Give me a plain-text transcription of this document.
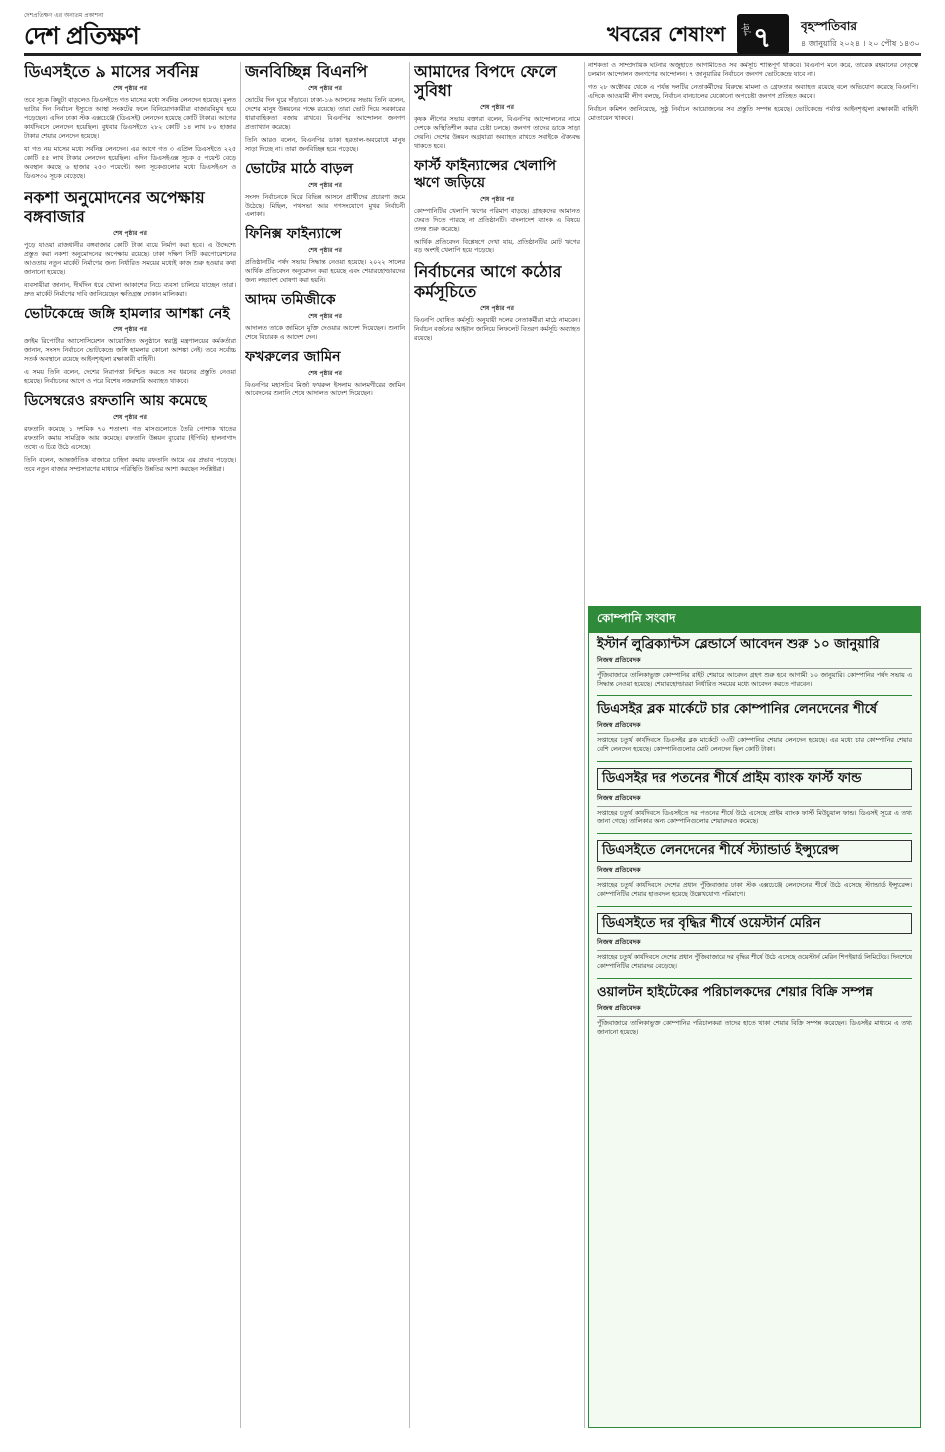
দেশপ্রতিক্ষণ এর অন্যতম প্রকাশনা
দেশ প্রতিক্ষণ	খবরের শেষাংশ পৃষ্ঠা ৭ বৃহস্পতিবার
৪ জানুয়ারি ২০২৪ । ২০ পৌষ ১৪৩০
ডিএসইতে ৯ মাসের সর্বনিম্ন
শেষ পৃষ্ঠার পর

তবে সূচক কিছুটা বাড়লেও ডিএসইতে গত মাসের মধ্যে সর্বনিম্ন লেনদেন হয়েছে। মূলত ভাটার দিন নির্বাচন ইস্যুতে আস্থা সংকটের ফলে বিনিয়োগকারীরা বাজারবিমুখ হয়ে পড়েছেন। এদিন ঢাকা স্টক এক্সচেঞ্জে (ডিএসই) লেনদেন হয়েছে কোটি টাকার। আগের কার্যদিবসে লেনদেন হয়েছিল। বুধবার ডিএসইতে ২৮২ কোটি ১৪ লাখ ৮০ হাজার টাকার শেয়ার লেনদেন হয়েছে।

যা গত নয় মাসের মধ্যে সর্বনিম্ন লেনদেন। এর আগে গত ৩ এপ্রিল ডিএসইতে ২২৫ কোটি ৫৫ লাখ টাকার লেনদেন হয়েছিল। এদিন ডিএসইএক্স সূচক ৫ পয়েন্ট বেড়ে অবস্থান করছে ৬ হাজার ২৫৩ পয়েন্টে। অন্য সূচকগুলোর মধ্যে ডিএসইএস ও ডিএস৩০ সূচক বেড়েছে।

নকশা অনুমোদনের অপেক্ষায় বঙ্গবাজার
শেষ পৃষ্ঠার পর

পুড়ে যাওয়া রাজধানীর বঙ্গবাজার কোটি টাকা ব্যয়ে নির্মাণ করা হবে। এ উদ্দেশ্যে প্রস্তুত করা নকশা অনুমোদনের অপেক্ষায় রয়েছে। ঢাকা দক্ষিণ সিটি করপোরেশনের আওতায় নতুন মার্কেট নির্মাণের জন্য নির্ধারিত সময়ের মধ্যেই কাজ শুরু হওয়ার কথা জানানো হয়েছে।

ব্যবসায়ীরা জানান, দীর্ঘদিন ধরে খোলা আকাশের নিচে ব্যবসা চালিয়ে যাচ্ছেন তারা। দ্রুত মার্কেট নির্মাণের দাবি জানিয়েছেন ক্ষতিগ্রস্ত দোকান মালিকরা।

ভোটকেন্দ্রে জঙ্গি হামলার আশঙ্কা নেই
শেষ পৃষ্ঠার পর

ক্রাইম রিপোর্টার অ্যাসোসিয়েশন আয়োজিত অনুষ্ঠানে স্বরাষ্ট্র মন্ত্রণালয়ের কর্মকর্তারা জানান, সংসদ নির্বাচনে ভোটকেন্দ্রে জঙ্গি হামলার কোনো আশঙ্কা নেই। তবে সর্বোচ্চ সতর্ক অবস্থানে রয়েছে আইনশৃঙ্খলা রক্ষাকারী বাহিনী।

এ সময় তিনি বলেন, দেশের নিরাপত্তা নিশ্চিত করতে সব ধরনের প্রস্তুতি নেওয়া হয়েছে। নির্বাচনের আগে ও পরে বিশেষ নজরদারি অব্যাহত থাকবে।

ডিসেম্বরেও রফতানি আয় কমেছে
শেষ পৃষ্ঠার পর

রফতানি কমেছে ১ দশমিক ৭০ শতাংশ। গত মাসগুলোতে তৈরি পোশাক খাতের রফতানি কমায় সামগ্রিক আয় কমেছে। রফতানি উন্নয়ন ব্যুরোর (ইপিবি) হালনাগাদ তথ্যে এ চিত্র উঠে এসেছে।

তিনি বলেন, আন্তর্জাতিক বাজারে চাহিদা কমায় রফতানি আয়ে এর প্রভাব পড়েছে। তবে নতুন বাজার সম্প্রসারণের মাধ্যমে পরিস্থিতি উন্নতির আশা করছেন সংশ্লিষ্টরা।

জনবিচ্ছিন্ন বিএনপি
শেষ পৃষ্ঠার পর

ভোটের দিন ঘুরে দাঁড়াবে। ঢাকা-১৬ আসনের সভায় তিনি বলেন, দেশের মানুষ উন্নয়নের পক্ষে রয়েছে। তারা ভোট দিয়ে সরকারের ধারাবাহিকতা বজায় রাখবে। বিএনপির আন্দোলন জনগণ প্রত্যাখ্যান করেছে।

তিনি আরও বলেন, বিএনপির ডাকা হরতাল-অবরোধে মানুষ সাড়া দিচ্ছে না। তারা জনবিচ্ছিন্ন হয়ে পড়েছে।

ভোটের মাঠে বাড়ল
শেষ পৃষ্ঠার পর

সংসদ নির্বাচনকে ঘিরে বিভিন্ন আসনে প্রার্থীদের প্রচারণা জমে উঠেছে। মিছিল, পথসভা আর গণসংযোগে মুখর নির্বাচনী এলাকা।

ফিনিক্স ফাইন্যান্সে
শেষ পৃষ্ঠার পর

প্রতিষ্ঠানটির পর্ষদ সভায় সিদ্ধান্ত নেওয়া হয়েছে। ২০২২ সালের আর্থিক প্রতিবেদন অনুমোদন করা হয়েছে এবং শেয়ারহোল্ডারদের জন্য লভ্যাংশ ঘোষণা করা হয়নি।

আদম তমিজীকে
শেষ পৃষ্ঠার পর

আদালত তাকে জামিনে মুক্তি দেওয়ার আদেশ দিয়েছেন। শুনানি শেষে বিচারক এ আদেশ দেন।

ফখরুলের জামিন
শেষ পৃষ্ঠার পর

বিএনপির মহাসচিব মির্জা ফখরুল ইসলাম আলমগীরের জামিন আবেদনের শুনানি শেষে আদালত আদেশ দিয়েছেন।

আমাদের বিপদে ফেলে সুবিধা
শেষ পৃষ্ঠার পর

কৃষক লীগের সভায় বক্তারা বলেন, বিএনপির আন্দোলনের নামে দেশকে অস্থিতিশীল করার চেষ্টা চলছে। জনগণ তাদের ডাকে সাড়া দেয়নি। দেশের উন্নয়ন অগ্রযাত্রা অব্যাহত রাখতে সবাইকে ঐক্যবদ্ধ থাকতে হবে।

ফার্স্ট ফাইন্যান্সের খেলাপি ঋণে জড়িয়ে
শেষ পৃষ্ঠার পর

কোম্পানিটির খেলাপি ঋণের পরিমাণ বাড়ছে। গ্রাহকদের আমানত ফেরত দিতে পারছে না প্রতিষ্ঠানটি। বাংলাদেশ ব্যাংক এ বিষয়ে তদন্ত শুরু করেছে।

আর্থিক প্রতিবেদন বিশ্লেষণে দেখা যায়, প্রতিষ্ঠানটির মোট ঋণের বড় অংশই খেলাপি হয়ে পড়েছে।

নির্বাচনের আগে কঠোর কর্মসূচিতে
শেষ পৃষ্ঠার পর

বিএনপি ঘোষিত কর্মসূচি অনুযায়ী দলের নেতাকর্মীরা মাঠে নামবেন। নির্বাচন বর্জনের আহ্বান জানিয়ে লিফলেট বিতরণ কর্মসূচি অব্যাহত রয়েছে।

নাশকতা ও সাম্প্রদায়িক ঘটনার অজুহাতে আগামীতেও সব কর্মসূচি শান্তিপূর্ণ থাকবে। বিএনপি মনে করে, তারেক রহমানের নেতৃত্বে চলমান আন্দোলন জনগণের আন্দোলন। ৭ জানুয়ারির নির্বাচনে জনগণ ভোটকেন্দ্রে যাবে না।

গত ২৮ অক্টোবর থেকে এ পর্যন্ত দলটির নেতাকর্মীদের বিরুদ্ধে মামলা ও গ্রেফতার অব্যাহত রয়েছে বলে অভিযোগ করেছে বিএনপি। এদিকে আওয়ামী লীগ বলছে, নির্বাচন বানচালের যেকোনো অপচেষ্টা জনগণ প্রতিহত করবে।

নির্বাচন কমিশন জানিয়েছে, সুষ্ঠু নির্বাচন আয়োজনের সব প্রস্তুতি সম্পন্ন হয়েছে। ভোটকেন্দ্রে পর্যাপ্ত আইনশৃঙ্খলা রক্ষাকারী বাহিনী মোতায়েন থাকবে।

কোম্পানি সংবাদ
ইস্টার্ন লুব্রিক্যান্টস ব্লেন্ডার্সে আবেদন শুরু ১০ জানুয়ারি
নিজস্ব প্রতিবেদক

পুঁজিবাজারে তালিকাভুক্ত কোম্পানির রাইট শেয়ারে আবেদন গ্রহণ শুরু হবে আগামী ১০ জানুয়ারি। কোম্পানির পর্ষদ সভায় এ সিদ্ধান্ত নেওয়া হয়েছে। শেয়ারহোল্ডাররা নির্ধারিত সময়ের মধ্যে আবেদন করতে পারবেন।

ডিএসইর ব্লক মার্কেটে চার কোম্পানির লেনদেনের শীর্ষে
নিজস্ব প্রতিবেদক

সপ্তাহের চতুর্থ কার্যদিবসে ডিএসইর ব্লক মার্কেটে ৩৩টি কোম্পানির শেয়ার লেনদেন হয়েছে। এর মধ্যে চার কোম্পানির শেয়ার বেশি লেনদেন হয়েছে। কোম্পানিগুলোর মোট লেনদেন ছিল কোটি টাকা।

ডিএসইর দর পতনের শীর্ষে প্রাইম ব্যাংক ফার্স্ট ফান্ড
নিজস্ব প্রতিবেদক

সপ্তাহের চতুর্থ কার্যদিবসে ডিএসইতে দর পতনের শীর্ষে উঠে এসেছে প্রাইম ব্যাংক ফার্স্ট মিউচুয়াল ফান্ড। ডিএসই সূত্রে এ তথ্য জানা গেছে। তালিকার অন্য কোম্পানিগুলোর শেয়ারদরও কমেছে।

ডিএসইতে লেনদেনের শীর্ষে স্ট্যান্ডার্ড ইন্স্যুরেন্স
নিজস্ব প্রতিবেদক

সপ্তাহের চতুর্থ কার্যদিবসে দেশের প্রধান পুঁজিবাজার ঢাকা স্টক এক্সচেঞ্জে লেনদেনের শীর্ষে উঠে এসেছে স্ট্যান্ডার্ড ইন্স্যুরেন্স। কোম্পানিটির শেয়ার হাতবদল হয়েছে উল্লেখযোগ্য পরিমাণে।

ডিএসইতে দর বৃদ্ধির শীর্ষে ওয়েস্টার্ন মেরিন
নিজস্ব প্রতিবেদক

সপ্তাহের চতুর্থ কার্যদিবসে দেশের প্রধান পুঁজিবাজারে দর বৃদ্ধির শীর্ষে উঠে এসেছে ওয়েস্টার্ন মেরিন শিপইয়ার্ড লিমিটেড। দিনশেষে কোম্পানিটির শেয়ারদর বেড়েছে।

ওয়ালটন হাইটেকের পরিচালকদের শেয়ার বিক্রি সম্পন্ন
নিজস্ব প্রতিবেদক

পুঁজিবাজারে তালিকাভুক্ত কোম্পানির পরিচালকরা তাদের হাতে থাকা শেয়ার বিক্রি সম্পন্ন করেছেন। ডিএসইর মাধ্যমে এ তথ্য জানানো হয়েছে।
